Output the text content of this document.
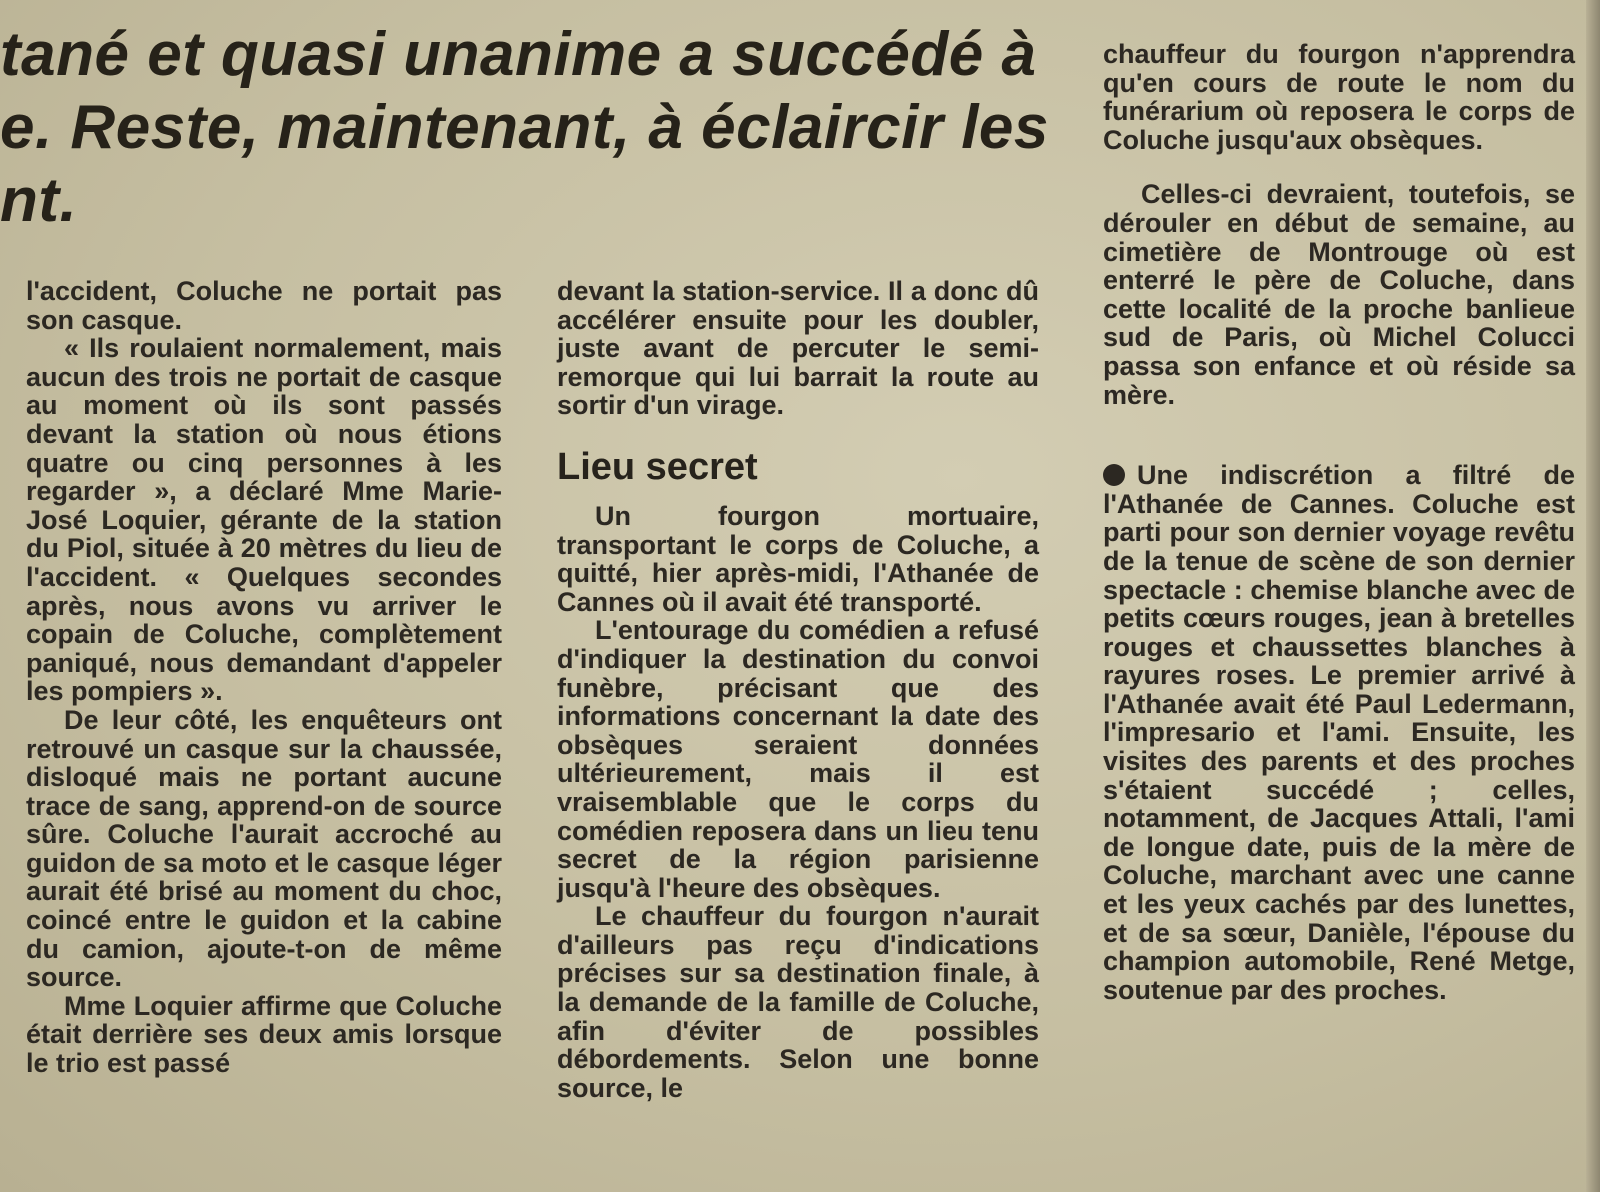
tané et quasi unanime a succédé à
e. Reste, maintenant, à éclaircir les
nt.

l'accident, Coluche ne portait pas son casque.

« Ils roulaient normalement, mais aucun des trois ne portait de casque au moment où ils sont passés devant la station où nous étions quatre ou cinq personnes à les regarder », a déclaré Mme Marie-José Loquier, gérante de la station du Piol, située à 20 mètres du lieu de l'accident. « Quelques secondes après, nous avons vu arriver le copain de Coluche, complètement paniqué, nous demandant d'appeler les pompiers ».

De leur côté, les enquêteurs ont retrouvé un casque sur la chaussée, disloqué mais ne portant aucune trace de sang, apprend-on de source sûre. Coluche l'aurait accroché au guidon de sa moto et le casque léger aurait été brisé au moment du choc, coincé entre le guidon et la cabine du camion, ajoute-t-on de même source.

Mme Loquier affirme que Coluche était derrière ses deux amis lorsque le trio est passé

devant la station-service. Il a donc dû accélérer ensuite pour les doubler, juste avant de percuter le semi-remorque qui lui barrait la route au sortir d'un virage.

Lieu secret

Un fourgon mortuaire, transportant le corps de Coluche, a quitté, hier après-midi, l'Athanée de Cannes où il avait été transporté.

L'entourage du comédien a refusé d'indiquer la destination du convoi funèbre, précisant que des informations concernant la date des obsèques seraient données ultérieurement, mais il est vraisemblable que le corps du comédien reposera dans un lieu tenu secret de la région parisienne jusqu'à l'heure des obsèques.

Le chauffeur du fourgon n'aurait d'ailleurs pas reçu d'indications précises sur sa destination finale, à la demande de la famille de Coluche, afin d'éviter de possibles débordements. Selon une bonne source, le

chauffeur du fourgon n'apprendra qu'en cours de route le nom du funérarium où reposera le corps de Coluche jusqu'aux obsèques.

Celles-ci devraient, toutefois, se dérouler en début de semaine, au cimetière de Montrouge où est enterré le père de Coluche, dans cette localité de la proche banlieue sud de Paris, où Michel Colucci passa son enfance et où réside sa mère.

Une indiscrétion a filtré de l'Athanée de Cannes. Coluche est parti pour son dernier voyage revêtu de la tenue de scène de son dernier spectacle : chemise blanche avec de petits cœurs rouges, jean à bretelles rouges et chaussettes blanches à rayures roses. Le premier arrivé à l'Athanée avait été Paul Ledermann, l'impresario et l'ami. Ensuite, les visites des parents et des proches s'étaient succédé ; celles, notamment, de Jacques Attali, l'ami de longue date, puis de la mère de Coluche, marchant avec une canne et les yeux cachés par des lunettes, et de sa sœur, Danièle, l'épouse du champion automobile, René Metge, soutenue par des proches.
